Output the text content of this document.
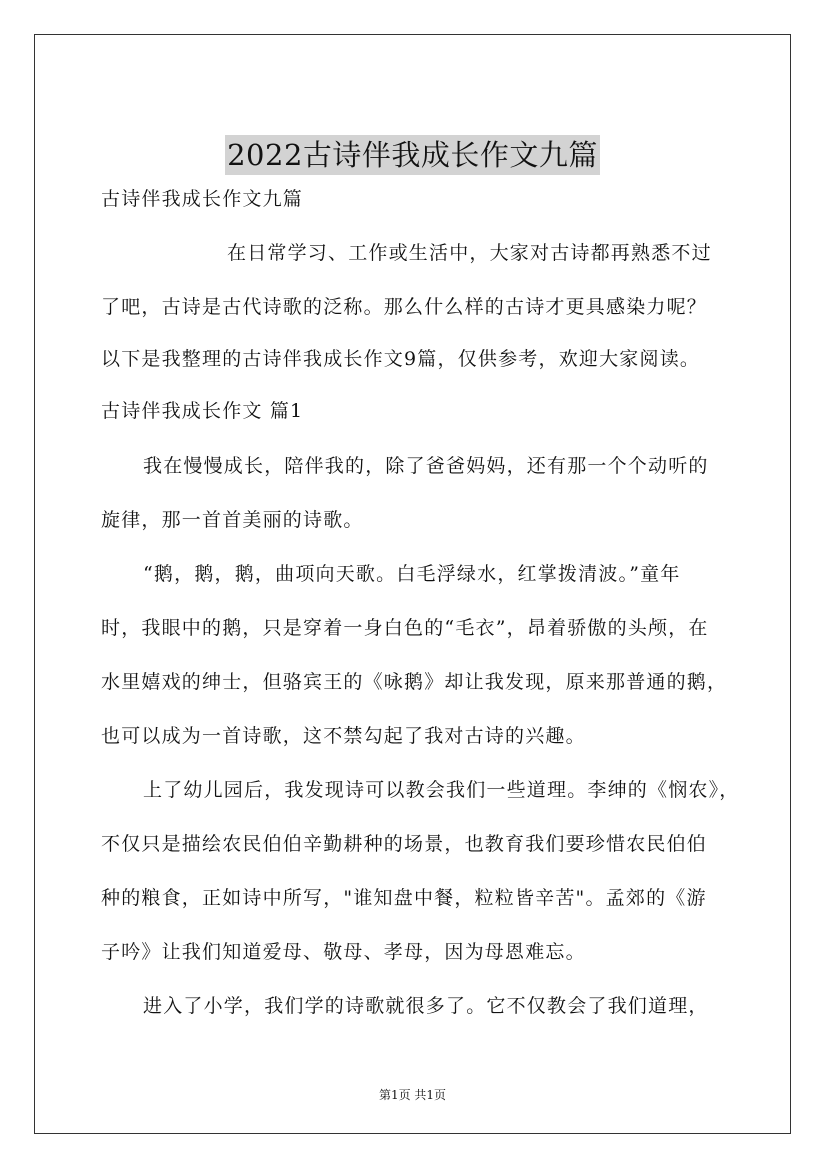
2022古诗伴我成长作文九篇
古诗伴我成长作文九篇
在日常学习、工作或生活中，大家对古诗都再熟悉不过
了吧，古诗是古代诗歌的泛称。那么什么样的古诗才更具感染力呢？
以下是我整理的古诗伴我成长作文9篇，仅供参考，欢迎大家阅读。
古诗伴我成长作文 篇1
我在慢慢成长，陪伴我的，除了爸爸妈妈，还有那一个个动听的
旋律，那一首首美丽的诗歌。
“鹅，鹅，鹅，曲项向天歌。白毛浮绿水，红掌拨清波。”童年
时，我眼中的鹅，只是穿着一身白色的“毛衣”，昂着骄傲的头颅，在
水里嬉戏的绅士，但骆宾王的《咏鹅》却让我发现，原来那普通的鹅，
也可以成为一首诗歌，这不禁勾起了我对古诗的兴趣。
上了幼儿园后，我发现诗可以教会我们一些道理。李绅的《悯农》，
不仅只是描绘农民伯伯辛勤耕种的场景，也教育我们要珍惜农民伯伯
种的粮食，正如诗中所写，"谁知盘中餐，粒粒皆辛苦"。孟郊的《游
子吟》让我们知道爱母、敬母、孝母，因为母恩难忘。
进入了小学，我们学的诗歌就很多了。它不仅教会了我们道理，
第1页 共1页
